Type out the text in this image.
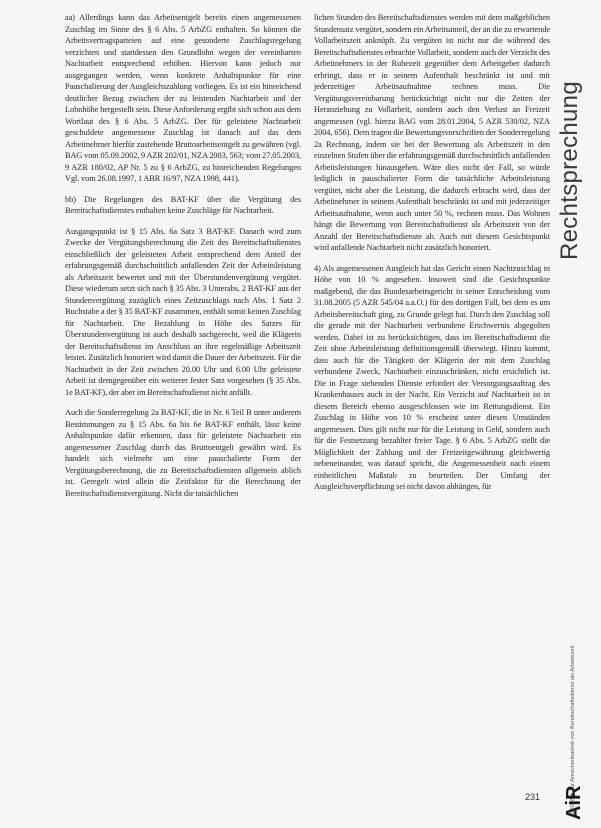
aa) Allerdings kann das Arbeitsentgelt bereits einen angemessenen Zuschlag im Sinne des § 6 Abs. 5 ArbZG enthalten. So können die Arbeitsvertragsparteien auf eine gesonderte Zuschlagsregelung verzichten und stattdessen den Grundlohn wegen der vereinbarten Nachtarbeit entsprechend erhöhen. Hiervon kann jedoch nur ausgegangen werden, wenn konkrete Anhaltspunkte für eine Pauschalierung der Ausgleichszahlung vorliegen. Es ist ein hinreichend deutlicher Bezug zwischen der zu leistenden Nachtarbeit und der Lohnhöhe hergestellt sein. Diese Anforderung ergibt sich schon aus dem Wortlaut des § 6 Abs. 5 ArbZG. Der für geleistete Nachtarbeit geschuldete angemessene Zuschlag ist danach auf das dem Arbeitnehmer hierfür zustehende Bruttoarbeitsentgelt zu gewähren (vgl. BAG vom 05.09.2002, 9 AZR 202/01, NZA 2003, 563; vom 27.05.2003, 9 AZR 180/02, AP Nr. 5 zu § 6 ArbZG, zu hinreichenden Regelungen Vgl. vom 26.08.1997, 1 ABR 16/97, NZA 1998, 441).

bb) Die Regelungen des BAT-KF über die Vergütung des Bereitschaftsdienstes enthalten keine Zuschläge für Nachtarbeit.

Ausgangspunkt ist § 15 Abs. 6a Satz 3 BAT-KF. Danach wird zum Zwecke der Vergütungsberechnung die Zeit des Bereitschaftsdienstes einschließlich der geleisteten Arbeit entsprechend dem Anteil der erfahrungsgemäß durchschnittlich anfallenden Zeit der Arbeitsleistung als Arbeitszeit bewertet und mit der Überstundenvergütung vergütet. Diese wiederum setzt sich nach § 35 Abs. 3 Unterabs. 2 BAT-KF aus der Stundenvergütung zuzüglich eines Zeitzuschlags nach Abs. 1 Satz 2 Buchstabe a der § 35 BAT-KF zusammen, enthält somit keinen Zuschlag für Nachtarbeit. Die Bezahlung in Höhe des Satzes für Überstundenvergütung ist auch deshalb sachgerecht, weil die Klägerin der Bereitschaftsdienst im Anschluss an ihre regelmäßige Arbeitszeit leistet. Zusätzlich honoriert wird damit die Dauer der Arbeitszeit. Für die Nachtarbeit in der Zeit zwischen 20.00 Uhr und 6.00 Uhr geleistete Arbeit ist demgegenüber ein weiterer fester Satz vorgesehen (§ 35 Abs. 1e BAT-KF), der aber im Bereitschaftsdienst nicht anfällt.

Auch die Sonderregelung 2a BAT-KF, die in Nr. 6 Teil B unter anderem Bestimmungen zu § 15 Abs. 6a bis 6e BAT-KF enthält, lässt keine Anhaltspunkte dafür erkennen, dass für geleistete Nachtarbeit ein angemessener Zuschlag durch das Bruttoentgelt gewährt wird. Es handelt sich vielmehr um eine pauschalierte Form der Vergütungsberechnung, die zu Bereitschaftsdiensten allgemein ablich ist. Geregelt wird allein die Zeitfaktor für die Berechnung der Bereitschaftsdienstvergütung. Nicht die tatsächlichen

lichen Stunden des Bereitschaftsdienstes werden mit dem maßgeblichen Stundensatz vergütet, sondern ein Arbeitsanteil, der an die zu erwartende Vollarbeitszeit anknüpft. Zu vergüten ist nicht nur die während des Bereitschaftsdienstes erbrachte Vollarbeit, sondern auch der Verzicht des Arbeitnehmers in der Ruhezeit gegenüber dem Arbeitgeber dadurch erbringt, dass er in seinem Aufenthalt beschränkt ist und mit jederzeitiger Arbeitsaufnahme rechnen muss. Die Vergütungsvereinbarung berücksichtigt nicht nur die Zeiten der Heranziehung zu Vollarbeit, sondern auch den Verlust an Freizeit angemessen (vgl. hierzu BAG vom 28.01.2004, 5 AZR 530/02, NZA 2004, 656). Dem tragen die Bewertungsvorschriften der Sonderregelung 2a Rechnung, indem sie bei der Bewertung als Arbeitszeit in den einzelnen Stufen über die erfahrungsgemäß durchschnittlich anfallenden Arbeitsleistungen hinausgehen. Wäre dies nicht der Fall, so würde lediglich in pauschalierter Form die tatsächliche Arbeitsleistung vergütet, nicht aber die Leistung, die dadurch erbracht wird, dass der Arbeitnehmer in seinem Aufenthalt beschränkt ist und mit jederzeitiger Arbeitsaufnahme, wenn auch unter 50 %, rechnen muss. Das Wohnen hängt die Bewertung von Bereitschaftsdienst als Arbeitszeit von der Anzahl der Bereitschaftsdienste ab. Auch mit diesem Gesichtspunkt wird anfallende Nachtarbeit nicht zusätzlich honoriert.

4) Als angemessenen Ausgleich hat das Gericht einen Nachtzuschlag in Höhe von 10 % angesehen. Insoweit sind die Gesichtspunkte maßgebend, die das Bundesarbeitsgericht in seiner Entscheidung vom 31.08.2005 (5 AZR 545/04 a.a.O.) für den dortigen Fall, bei dem es um Arbeitsbereitschaft ging, zu Grunde gelegt hat. Durch den Zuschlag soll die gerade mit der Nachtarbeit verbundene Erschwernis abgegolten werden. Dabei ist zu berücksichtigen, dass im Bereitschaftsdienst die Zeit ohne Arbeitsleistung definitionsgemäß überwiegt. Hinzu kommt, dass auch für die Tätigkeit der Klägerin der mit dem Zuschlag verbundene Zweck, Nachtarbeit einzuschränken, nicht ersichtlich ist. Die in Frage stehenden Dienste erfordert der Versorgungsauftrag des Krankenhauses auch in der Nacht. Ein Verzicht auf Nachtarbeit ist in diesem Bereich ebenso ausgeschlossen wie im Rettungsdienst. Ein Zuschlag in Höhe von 10 % erscheint unter diesen Umständen angemessen. Dies gilt nicht nur für die Leistung in Geld, sondern auch für die Festsetzung bezahlter freier Tage. § 6 Abs. 5 ArbZG stellt die Möglichkeit der Zahlung und der Freizeitgewährung gleichwertig nebeneinander, was darauf spricht, die Angemessenheit nach einem einheitlichen Maßstab zu beurteilen. Der Umfang der Ausgleichsverpflichtung sei nicht davon abhängen, für

Rechtsprechung
6/2008 ■ Zur Anrechenbarkeit von Bereitschaftsdienst als Arbeitszeit
AiR
231
